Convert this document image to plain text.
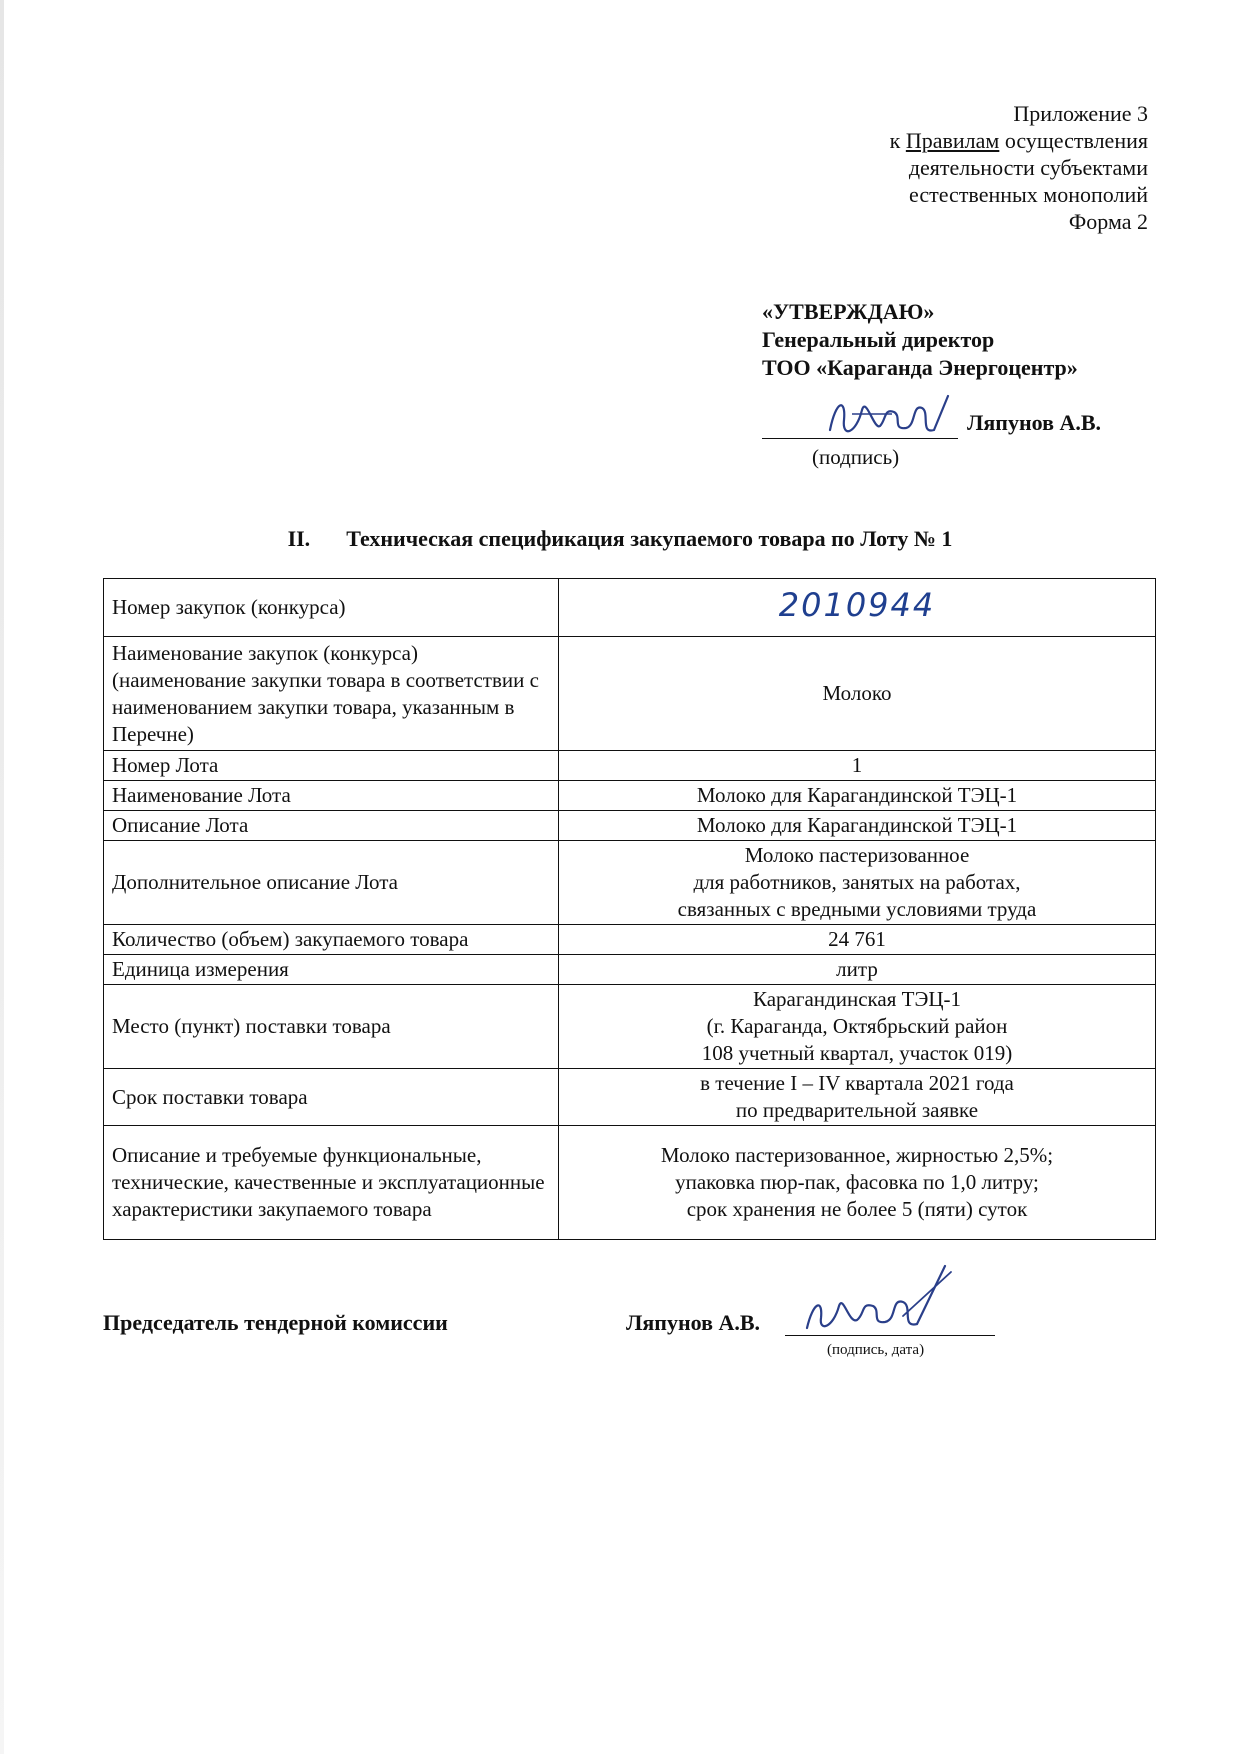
Приложение 3
к Правилам осуществления
деятельности субъектами
естественных монополий
Форма 2
«УТВЕРЖДАЮ»
Генеральный директор
ТОО «Караганда Энергоцентр»
Ляпунов А.В.
(подпись)
II. Техническая спецификация закупаемого товара по Лоту № 1
Номер закупок (конкурса)	2010944
Наименование закупок (конкурса) (наименование закупки товара в соответствии с наименованием закупки товара, указанным в Перечне)	Молоко
Номер Лота	1
Наименование Лота	Молоко для Карагандинской ТЭЦ-1
Описание Лота	Молоко для Карагандинской ТЭЦ-1
Дополнительное описание Лота	Молоко пастеризованное
для работников, занятых на работах,
связанных с вредными условиями труда
Количество (объем) закупаемого товара	24 761
Единица измерения	литр
Место (пункт) поставки товара	Карагандинская ТЭЦ-1
(г. Караганда, Октябрьский район
108 учетный квартал, участок 019)
Срок поставки товара	в течение I – IV квартала 2021 года
по предварительной заявке
Описание и требуемые функциональные, технические, качественные и эксплуатационные характеристики закупаемого товара	Молоко пастеризованное, жирностью 2,5%;
упаковка пюр-пак, фасовка по 1,0 литру;
срок хранения не более 5 (пяти) суток
Председатель тендерной комиссии	Ляпунов А.В.
(подпись, дата)
